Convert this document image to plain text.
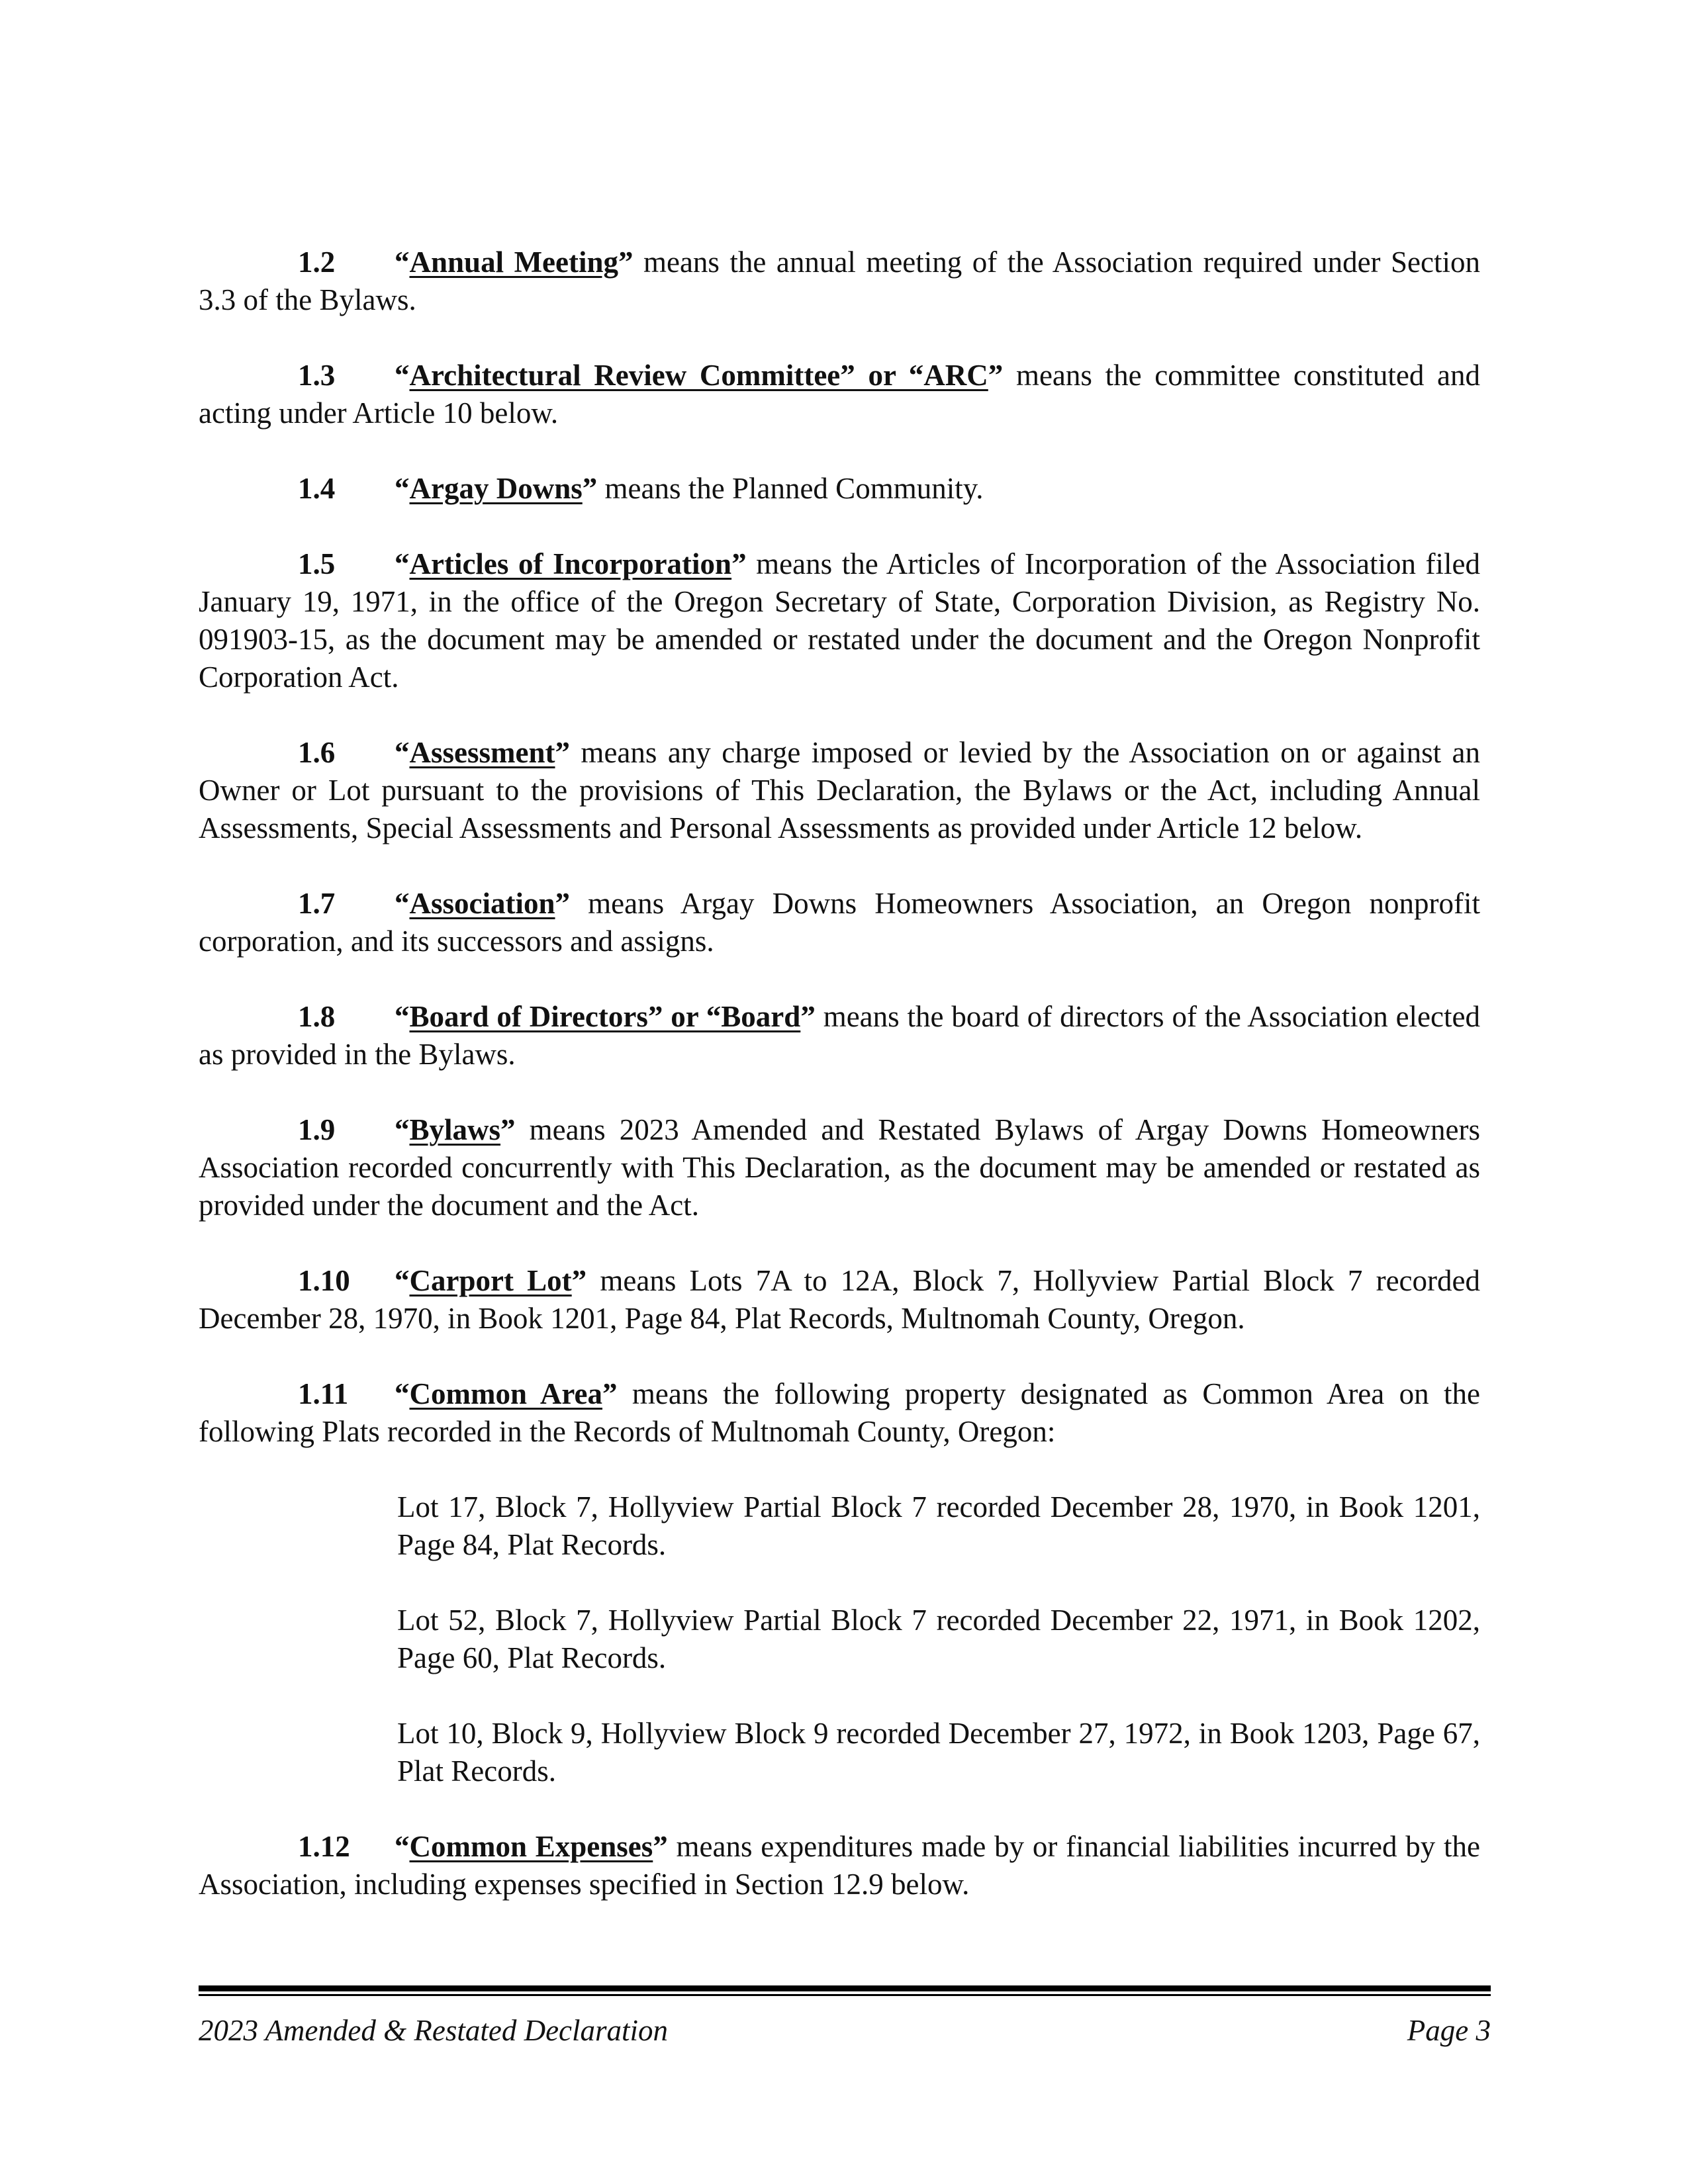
1.2 “Annual Meeting” means the annual meeting of the Association required under Section 3.3 of the Bylaws.

1.3 “Architectural Review Committee” or “ARC” means the committee constituted and acting under Article 10 below.

1.4 “Argay Downs” means the Planned Community.

1.5 “Articles of Incorporation” means the Articles of Incorporation of the Association filed January 19, 1971, in the office of the Oregon Secretary of State, Corporation Division, as Registry No. 091903-15, as the document may be amended or restated under the document and the Oregon Nonprofit Corporation Act.

1.6 “Assessment” means any charge imposed or levied by the Association on or against an Owner or Lot pursuant to the provisions of This Declaration, the Bylaws or the Act, including Annual Assessments, Special Assessments and Personal Assessments as provided under Article 12 below.

1.7 “Association” means Argay Downs Homeowners Association, an Oregon nonprofit corporation, and its successors and assigns.

1.8 “Board of Directors” or “Board” means the board of directors of the Association elected as provided in the Bylaws.

1.9 “Bylaws” means 2023 Amended and Restated Bylaws of Argay Downs Homeowners Association recorded concurrently with This Declaration, as the document may be amended or restated as provided under the document and the Act.

1.10 “Carport Lot” means Lots 7A to 12A, Block 7, Hollyview Partial Block 7 recorded December 28, 1970, in Book 1201, Page 84, Plat Records, Multnomah County, Oregon.

1.11 “Common Area” means the following property designated as Common Area on the following Plats recorded in the Records of Multnomah County, Oregon:

Lot 17, Block 7, Hollyview Partial Block 7 recorded December 28, 1970, in Book 1201, Page 84, Plat Records.

Lot 52, Block 7, Hollyview Partial Block 7 recorded December 22, 1971, in Book 1202, Page 60, Plat Records.

Lot 10, Block 9, Hollyview Block 9 recorded December 27, 1972, in Book 1203, Page 67, Plat Records.

1.12 “Common Expenses” means expenditures made by or financial liabilities incurred by the Association, including expenses specified in Section 12.9 below.

2023 Amended & Restated Declaration	Page 3
